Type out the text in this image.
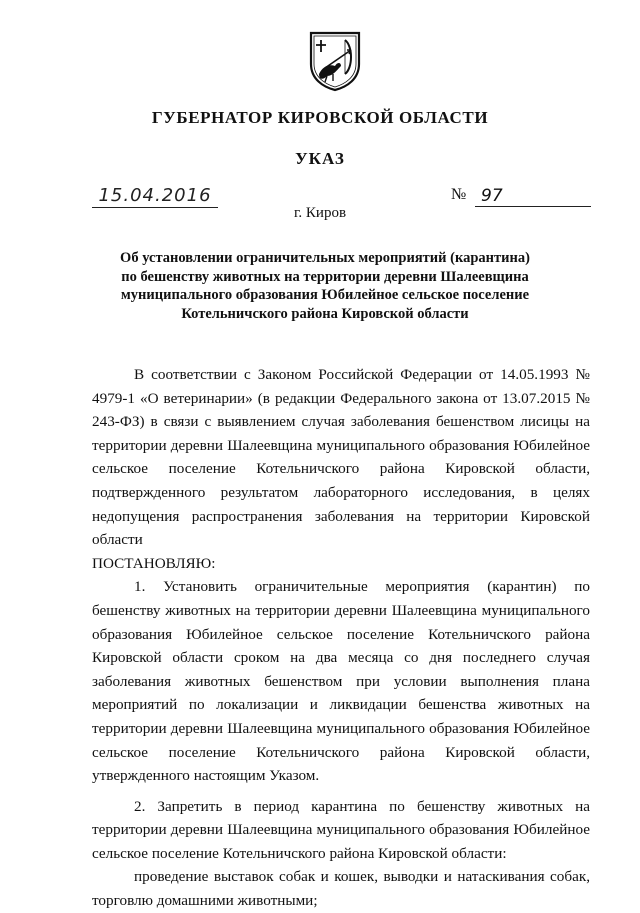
ГУБЕРНАТОР КИРОВСКОЙ ОБЛАСТИ
УКАЗ
15.04.2016	№ 97
г. Киров
Об установлении ограничительных мероприятий (карантина)
по бешенству животных на территории деревни Шалеевщина
муниципального образования Юбилейное сельское поселение
Котельничского района Кировской области

В соответствии с Законом Российской Федерации от 14.05.1993 № 4979-1 «О ветеринарии» (в редакции Федерального закона от 13.07.2015 № 243-ФЗ) в связи с выявлением случая заболевания бешенством лисицы на территории деревни Шалеевщина муниципального образования Юбилейное сельское поселение Котельничского района Кировской области, подтвержденного результатом лабораторного исследования, в целях недопущения распространения заболевания на территории Кировской области

ПОСТАНОВЛЯЮ:

1. Установить ограничительные мероприятия (карантин) по бешенству животных на территории деревни Шалеевщина муниципального образования Юбилейное сельское поселение Котельничского района Кировской области сроком на два месяца со дня последнего случая заболевания животных бешенством при условии выполнения плана мероприятий по локализации и ликвидации бешенства животных на территории деревни Шалеевщина муниципального образования Юбилейное сельское поселение Котельничского района Кировской области, утвержденного настоящим Указом.

2. Запретить в период карантина по бешенству животных на территории деревни Шалеевщина муниципального образования Юбилейное сельское поселение Котельничского района Кировской области:

проведение выставок собак и кошек, выводки и натаскивания собак, торговлю домашними животными;
